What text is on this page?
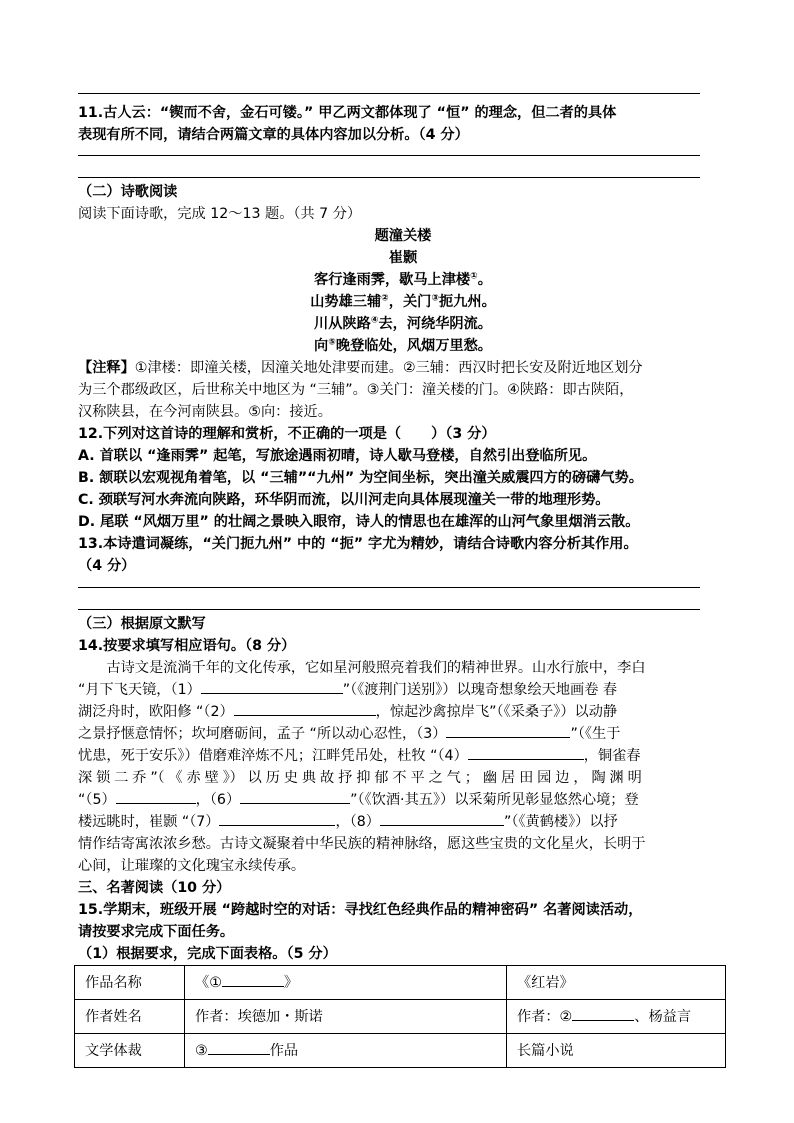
11.古人云：“锲而不舍，金石可镂。” 甲乙两文都体现了 “恒” 的理念，但二者的具体

表现有所不同，请结合两篇文章的具体内容加以分析。（4 分）

（二）诗歌阅读

阅读下面诗歌，完成 12～13 题。（共 7 分）

题潼关楼

崔颢

客行逢雨霁，歇马上津楼①。

山势雄三辅②，关门③扼九州。

川从陕路④去，河绕华阴流。

向⑤晚登临处，风烟万里愁。

【注释】①津楼：即潼关楼，因潼关地处津要而建。②三辅：西汉时把长安及附近地区划分

为三个郡级政区，后世称关中地区为 “三辅”。③关门：潼关楼的门。④陕路：即古陕陌，

汉称陕县，在今河南陕县。⑤向：接近。

12.下列对这首诗的理解和赏析，不正确的一项是（ ）（3 分）

A. 首联以 “逢雨霁” 起笔，写旅途遇雨初晴，诗人歇马登楼，自然引出登临所见。

B. 颔联以宏观视角着笔，以 “三辅”“九州” 为空间坐标，突出潼关威震四方的磅礴气势。

C. 颈联写河水奔流向陕路，环华阴而流，以川河走向具体展现潼关一带的地理形势。

D. 尾联 “风烟万里” 的壮阔之景映入眼帘，诗人的情思也在雄浑的山河气象里烟消云散。

13.本诗遣词凝练，“关门扼九州” 中的 “扼” 字尤为精妙，请结合诗歌内容分析其作用。

（4 分）

（三）根据原文默写

14.按要求填写相应语句。（8 分）

古诗文是流淌千年的文化传承，它如星河般照亮着我们的精神世界。山水行旅中，李白

“月下飞天镜，（1）	”（《渡荆门送别》）以瑰奇想象绘天地画卷 春

湖泛舟时，欧阳修 “（2）	，惊起沙禽掠岸飞”（《采桑子》）以动静

之景抒惬意情怀；坎坷磨砺间，孟子 “所以动心忍性，（3）	”（《生于

忧患，死于安乐》）借磨难淬炼不凡；江畔凭吊处，杜牧 “（4）	，铜雀春

深 锁 二 乔 ”（ 《 赤 壁 》） 以 历 史 典 故 抒 抑 郁 不 平 之 气 ； 幽 居 田 园 边 ， 陶 渊 明

“（5）	，（6）	”（《饮酒·其五》）以采菊所见彰显悠然心境；登

楼远眺时，崔颢 “（7）	，（8）	”（《黄鹤楼》）以抒

情作结寄寓浓浓乡愁。古诗文凝聚着中华民族的精神脉络，愿这些宝贵的文化星火，长明于

心间，让璀璨的文化瑰宝永续传承。

三、名著阅读（10 分）

15.学期末，班级开展 “跨越时空的对话：寻找红色经典作品的精神密码” 名著阅读活动，

请按要求完成下面任务。

（1）根据要求，完成下面表格。（5 分）

作品名称	《① 》	《红岩》
作者姓名	作者：埃德加・斯诺	作者：② 、杨益言
文学体裁	③ 作品	长篇小说
